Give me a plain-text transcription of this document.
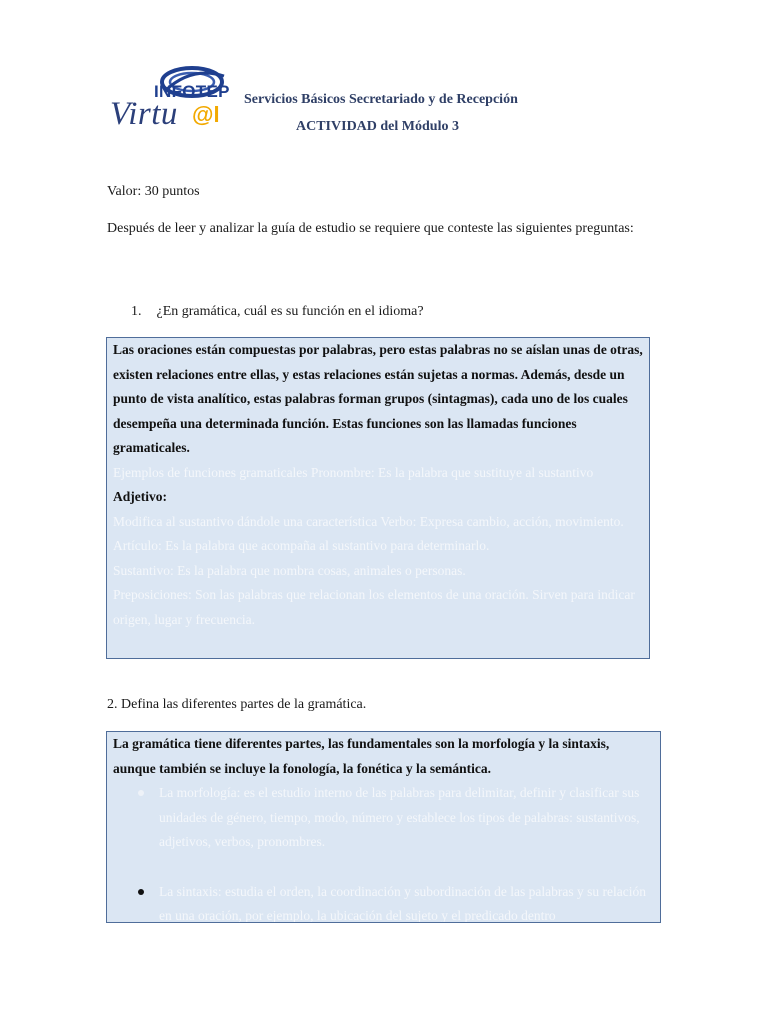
INFOTEP
Virtu @l
Servicios Básicos Secretariado y de Recepción
ACTIVIDAD del Módulo 3
Valor: 30 puntos
Después de leer y analizar la guía de estudio se requiere que conteste las siguientes preguntas:
1. ¿En gramática, cuál es su función en el idioma?
Las oraciones están compuestas por palabras, pero estas palabras no se aíslan unas de otras, existen relaciones entre ellas, y estas relaciones están sujetas a normas. Además, desde un punto de vista analítico, estas palabras forman grupos (sintagmas), cada uno de los cuales desempeña una determinada función. Estas funciones son las llamadas funciones gramaticales.
Ejemplos de funciones gramaticales Pronombre: Es la palabra que sustituye al sustantivo
Adjetivo:
Modifica al sustantivo dándole una característica Verbo: Expresa cambio, acción, movimiento.
Artículo: Es la palabra que acompaña al sustantivo para determinarlo.
Sustantivo: Es la palabra que nombra cosas, animales o personas.
Preposiciones: Son las palabras que relacionan los elementos de una oración. Sirven para indicar origen, lugar y frecuencia.
2. Defina las diferentes partes de la gramática.
La gramática tiene diferentes partes, las fundamentales son la morfología y la sintaxis, aunque también se incluye la fonología, la fonética y la semántica.
La morfología: es el estudio interno de las palabras para delimitar, definir y clasificar sus unidades de género, tiempo, modo, número y establece los tipos de palabras: sustantivos, adjetivos, verbos, pronombres.
La sintaxis: estudia el orden, la coordinación y subordinación de las palabras y su relación en una oración, por ejemplo, la ubicación del sujeto y el predicado dentro
